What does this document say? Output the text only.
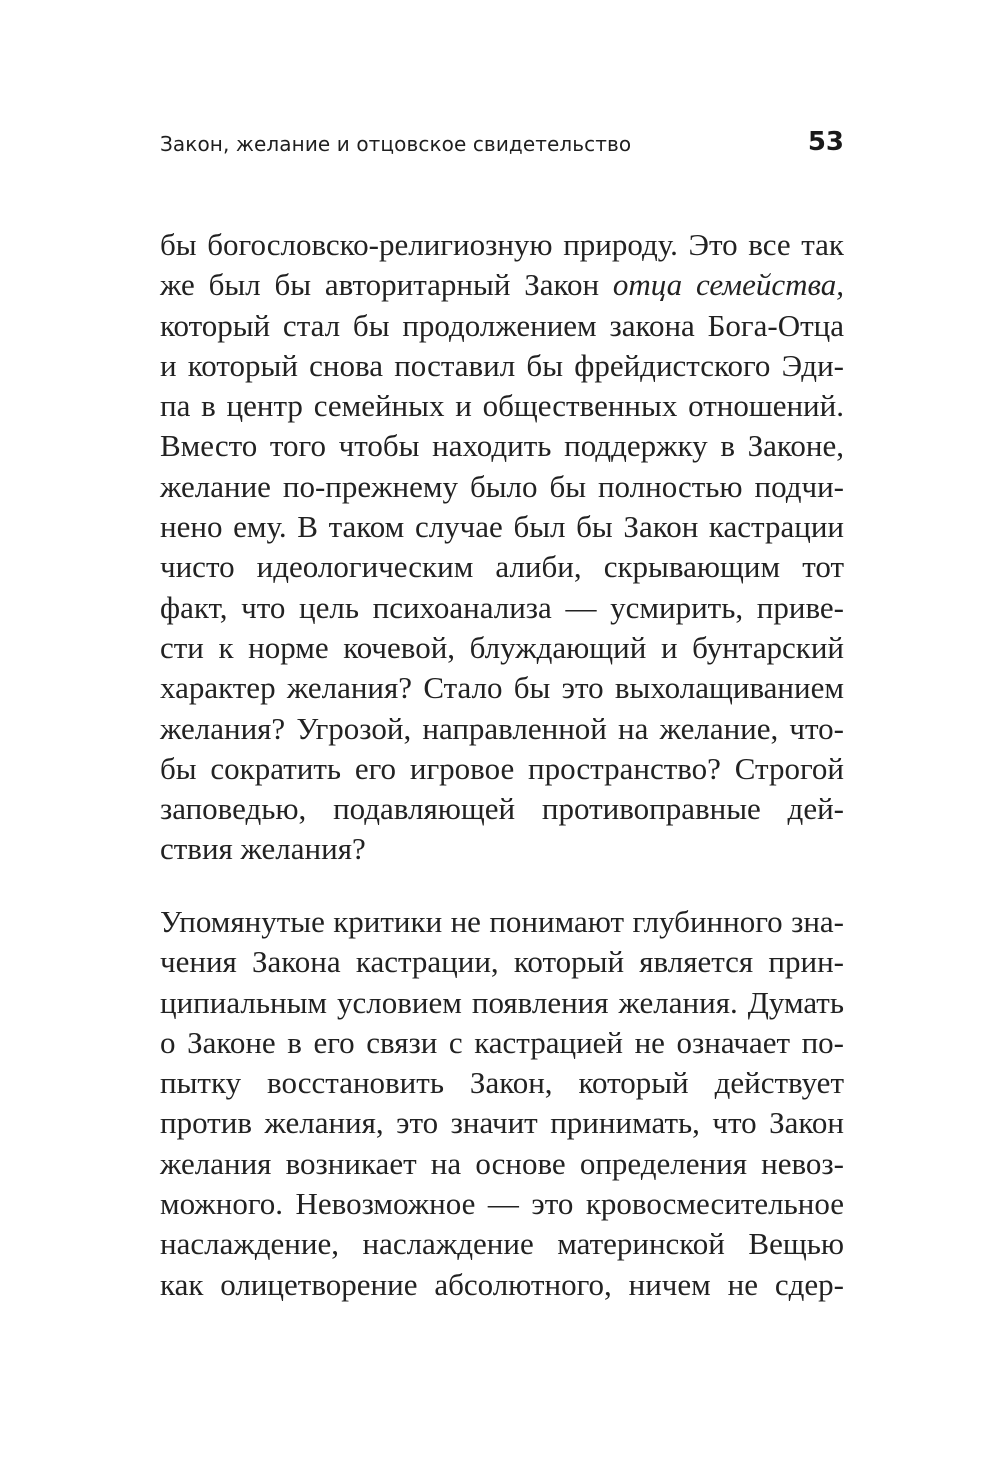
Закон, желание и отцовское свидетельство	53
бы богословско-религиозную природу. Это все так
же был бы авторитарный Закон отца семейства,
который стал бы продолжением закона Бога-Отца
и который снова поставил бы фрейдистского Эди-
па в центр семейных и общественных отношений.
Вместо того чтобы находить поддержку в Законе,
желание по-прежнему было бы полностью подчи-
нено ему. В таком случае был бы Закон кастрации
чисто идеологическим алиби, скрывающим тот
факт, что цель психоанализа — усмирить, приве-
сти к норме кочевой, блуждающий и бунтарский
характер желания? Стало бы это выхолащиванием
желания? Угрозой, направленной на желание, что-
бы сократить его игровое пространство? Строгой
заповедью, подавляющей противоправные дей-
ствия желания?
Упомянутые критики не понимают глубинного зна-
чения Закона кастрации, который является прин-
ципиальным условием появления желания. Думать
о Законе в его связи с кастрацией не означает по-
пытку восстановить Закон, который действует
против желания, это значит принимать, что Закон
желания возникает на основе определения невоз-
можного. Невозможное — это кровосмесительное
наслаждение, наслаждение материнской Вещью
как олицетворение абсолютного, ничем не сдер-
